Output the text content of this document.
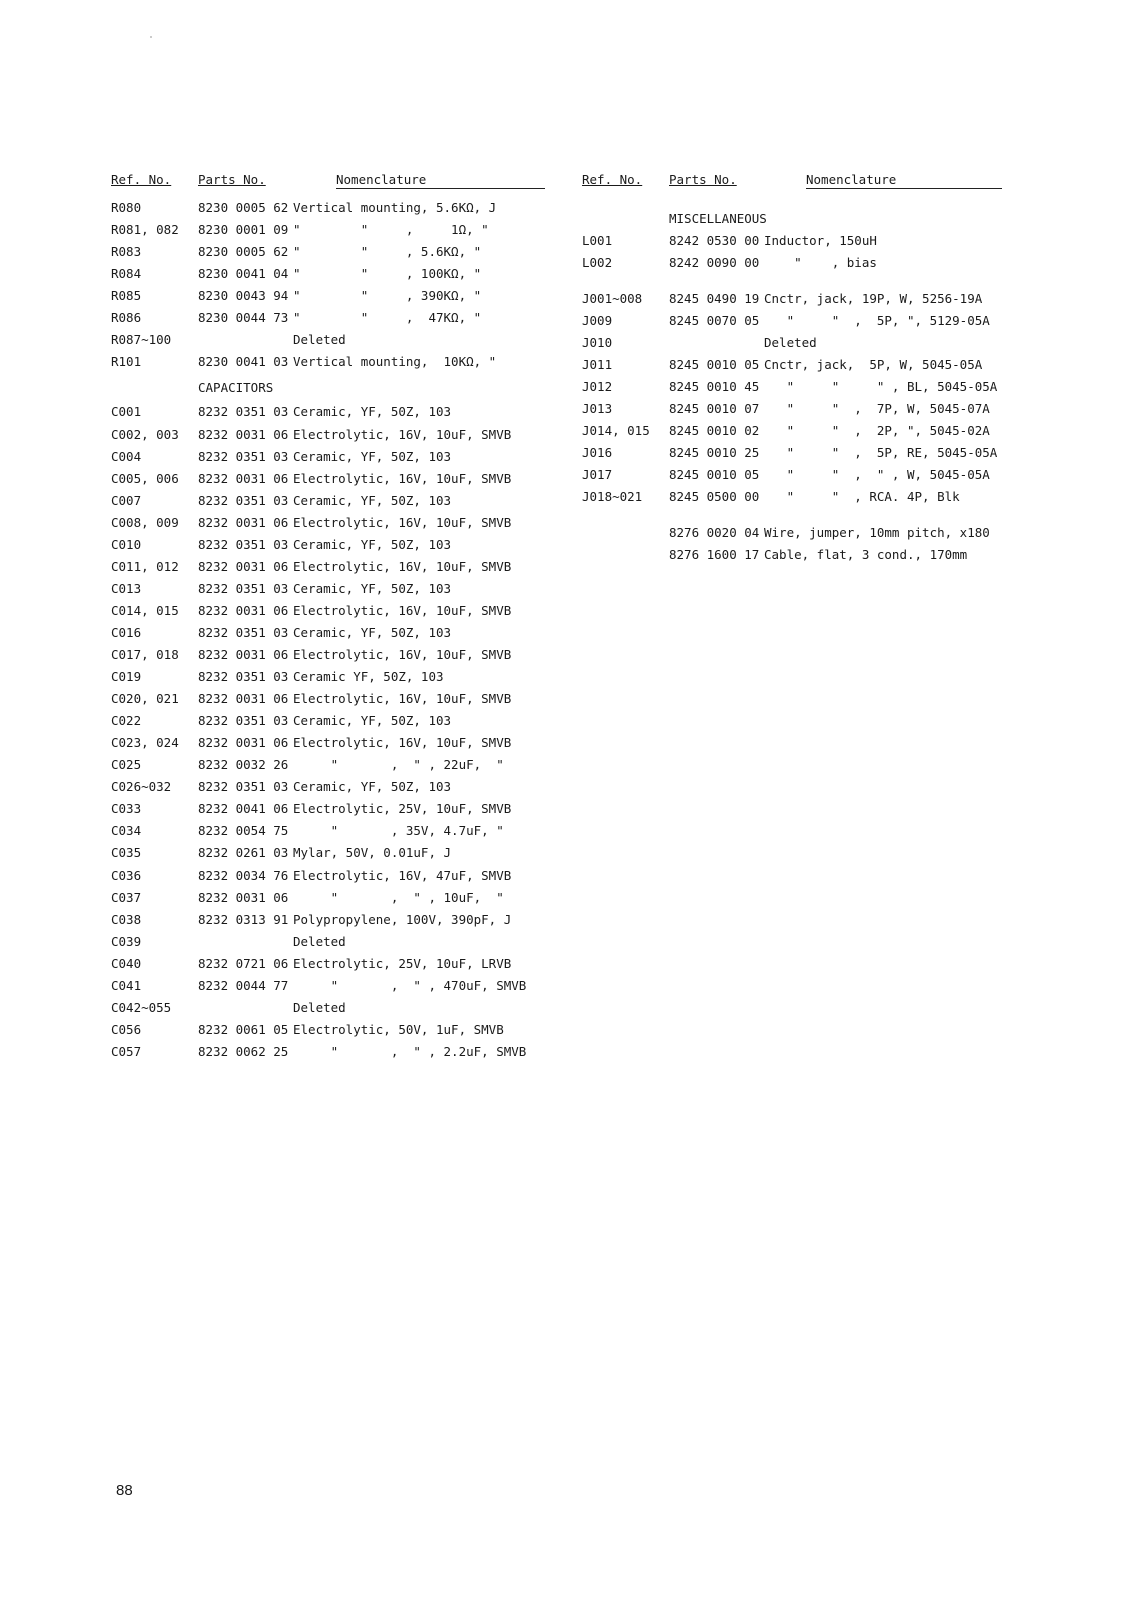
Ref. No. Parts No.	Nomenclature
R080	8230 0005 62 Vertical mounting, 5.6KΩ, J
R081, 082 8230 0001 09 "        "     ,     1Ω, "
R083	8230 0005 62 "        "     , 5.6KΩ, "
R084	8230 0041 04 "        "     , 100KΩ, "
R085	8230 0043 94 "        "     , 390KΩ, "
R086	8230 0044 73 "        "     ,  47KΩ, "
R087~100	Deleted
R101	8230 0041 03 Vertical mounting,  10KΩ, "
CAPACITORS
C001	8232 0351 03 Ceramic, YF, 50Z, 103
C002, 003 8232 0031 06 Electrolytic, 16V, 10uF, SMVB
C004	8232 0351 03 Ceramic, YF, 50Z, 103
C005, 006 8232 0031 06 Electrolytic, 16V, 10uF, SMVB
C007	8232 0351 03 Ceramic, YF, 50Z, 103
C008, 009 8232 0031 06 Electrolytic, 16V, 10uF, SMVB
C010	8232 0351 03 Ceramic, YF, 50Z, 103
C011, 012 8232 0031 06 Electrolytic, 16V, 10uF, SMVB
C013	8232 0351 03 Ceramic, YF, 50Z, 103
C014, 015 8232 0031 06 Electrolytic, 16V, 10uF, SMVB
C016	8232 0351 03 Ceramic, YF, 50Z, 103
C017, 018 8232 0031 06 Electrolytic, 16V, 10uF, SMVB
C019	8232 0351 03 Ceramic YF, 50Z, 103
C020, 021 8232 0031 06 Electrolytic, 16V, 10uF, SMVB
C022	8232 0351 03 Ceramic, YF, 50Z, 103
C023, 024 8232 0031 06 Electrolytic, 16V, 10uF, SMVB
C025	8232 0032 26 "       ,  " , 22uF,  "
C026~032 8232 0351 03 Ceramic, YF, 50Z, 103
C033	8232 0041 06 Electrolytic, 25V, 10uF, SMVB
C034	8232 0054 75 "       , 35V, 4.7uF, "
C035	8232 0261 03 Mylar, 50V, 0.01uF, J
C036	8232 0034 76 Electrolytic, 16V, 47uF, SMVB
C037	8232 0031 06 "       ,  " , 10uF,  "
C038	8232 0313 91 Polypropylene, 100V, 390pF, J
C039	Deleted
C040	8232 0721 06 Electrolytic, 25V, 10uF, LRVB
C041	8232 0044 77 "       ,  " , 470uF, SMVB
C042~055	Deleted
C056	8232 0061 05 Electrolytic, 50V, 1uF, SMVB
C057	8232 0062 25 "       ,  " , 2.2uF, SMVB
Ref. No. Parts No.	Nomenclature
MISCELLANEOUS
L001	8242 0530 00 Inductor, 150uH
L002	8242 0090 00 "    , bias
J001~008 8245 0490 19 Cnctr, jack, 19P, W, 5256-19A
J009	8245 0070 05 "     "  ,  5P, ", 5129-05A
J010	Deleted
J011	8245 0010 05 Cnctr, jack,  5P, W, 5045-05A
J012	8245 0010 45 "     "     " , BL, 5045-05A
J013	8245 0010 07 "     "  ,  7P, W, 5045-07A
J014, 015 8245 0010 02 "     "  ,  2P, ", 5045-02A
J016	8245 0010 25 "     "  ,  5P, RE, 5045-05A
J017	8245 0010 05 "     "  ,  " , W, 5045-05A
J018~021 8245 0500 00 "     "  , RCA. 4P, Blk
8276 0020 04 Wire, jumper, 10mm pitch, x180
8276 1600 17 Cable, flat, 3 cond., 170mm
88
